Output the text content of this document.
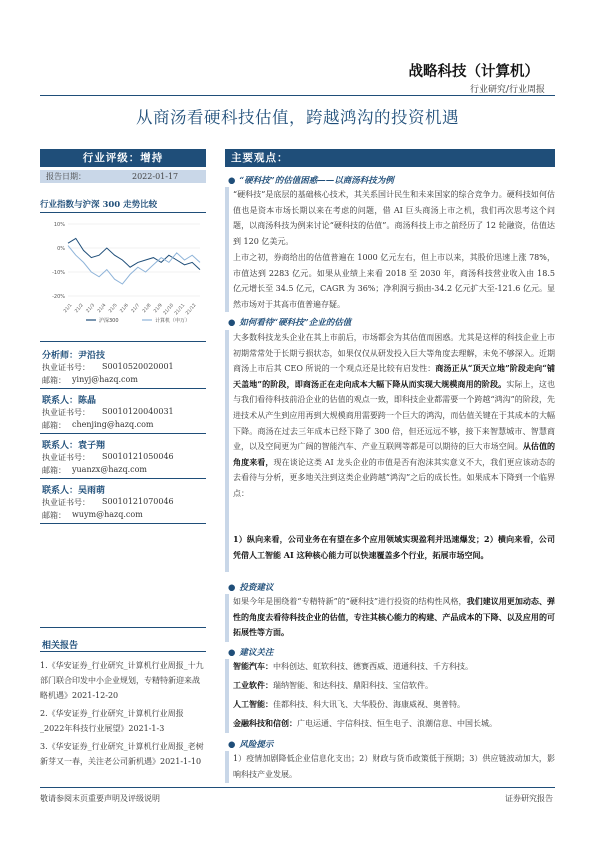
战略科技（计算机）
行业研究/行业周报
从商汤看硬科技估值，跨越鸿沟的投资机遇
行业评级：增持
报告日期：	2022-01-17
行业指数与沪深 300 走势比较
10%
0%
-10%
-20%
21/1 21/2 21/3 21/4 21/5 21/6 21/7 21/8 21/9 21/10 21/11 21/12
沪深300	计算机（申万）
分析师：尹沿技
执业证书号： S0010520020001
邮箱： yinyj@hazq.com
联系人：陈晶
执业证书号： S0010120040031
邮箱： chenjing@hazq.com
联系人：袁子翔
执业证书号： S0010121050046
邮箱： yuanzx@hazq.com
联系人：吴雨萌
执业证书号： S0010121070046
邮箱： wuym@hazq.com
相关报告
1.《华安证券_行业研究_计算机行业周报_十九部门联合印发中小企业规划，专精特新迎来战略机遇》2021-12-20
2.《华安证券_行业研究_计算机行业周报_2022年科技行业展望》2021-1-3
3.《华安证券_行业研究_计算机行业周报_老树新芽又一春，关注老公司新机遇》2021-1-10
主要观点：
● “硬科技”的估值困惑——以商汤科技为例
“硬科技”是底层的基础核心技术，其关系国计民生和未来国家的综合竞争力。硬科技如何估值也是资本市场长期以来在考虑的问题，借 AI 巨头商汤上市之机，我们再次思考这个问题，以商汤科技为例来讨论“硬科技的估值”。商汤科技上市之前经历了 12 轮融资，估值达到 120 亿美元。
上市之初，券商给出的估值普遍在 1000 亿元左右，但上市以来，其股价迅速上涨 78%，市值达到 2283 亿元。如果从业绩上来看 2018 至 2030 年，商汤科技营业收入由 18.5 亿元增长至 34.5 亿元，CAGR 为 36%；净利润亏损由-34.2 亿元扩大至-121.6 亿元。显然市场对于其高市值普遍存疑。
● 如何看待“硬科技”企业的估值
大多数科技龙头企业在其上市前后，市场都会为其估值而困惑。尤其是这样的科技企业上市初期常常处于长期亏损状态，如果仅仅从研发投入巨大等角度去理解，未免不够深入。近期商汤上市后其 CEO 所说的一个观点还是比较有启发性：商汤正从“顶天立地”阶段走向“铺天盖地”的阶段，即商汤正在走向成本大幅下降从而实现大规模商用的阶段。实际上，这也与我们看待科技前沿企业的估值的观点一致，即科技企业都需要一个跨越“鸿沟”的阶段，先进技术从产生到应用再到大规模商用需要跨一个巨大的鸿沟，而估值关键在于其成本的大幅下降。商汤在过去三年成本已经下降了 300 倍，但还远远不够，接下来智慧城市、智慧商业，以及空间更为广阔的智能汽车、产业互联网等都是可以期待的巨大市场空间。从估值的角度来看，现在谈论这类 AI 龙头企业的市值是否有泡沫其实意义不大，我们更应该动态的去看待与分析，更多地关注到这类企业跨越“鸿沟”之后的成长性。如果成本下降到一个临界点：
1）纵向来看，公司业务在有望在多个应用领域实现盈利并迅速爆发；2）横向来看，公司凭借人工智能 AI 这种核心能力可以快速覆盖多个行业，拓展市场空间。
● 投资建议
如果今年是围绕着“专精特新”的“硬科技”进行投资的结构性风格，我们建议用更加动态、弹性的角度去看待科技企业的估值，专注其核心能力的构建、产品成本的下降、以及应用的可拓展性等方面。
● 建议关注
智能汽车：中科创达、虹软科技、德赛西威、道通科技、千方科技。
工业软件：瑞纳智能、和达科技、鼎阳科技、宝信软件。
人工智能：佳都科技、科大讯飞、大华股份、海康威视、奥普特。
金融科技和信创：广电运通、宇信科技、恒生电子、浪潮信息、中国长城。
● 风险提示
1）疫情加剧降低企业信息化支出；2）财政与货币政策低于预期；3）供应链波动加大，影响科技产业发展。
敬请参阅末页重要声明及评级说明	证券研究报告
